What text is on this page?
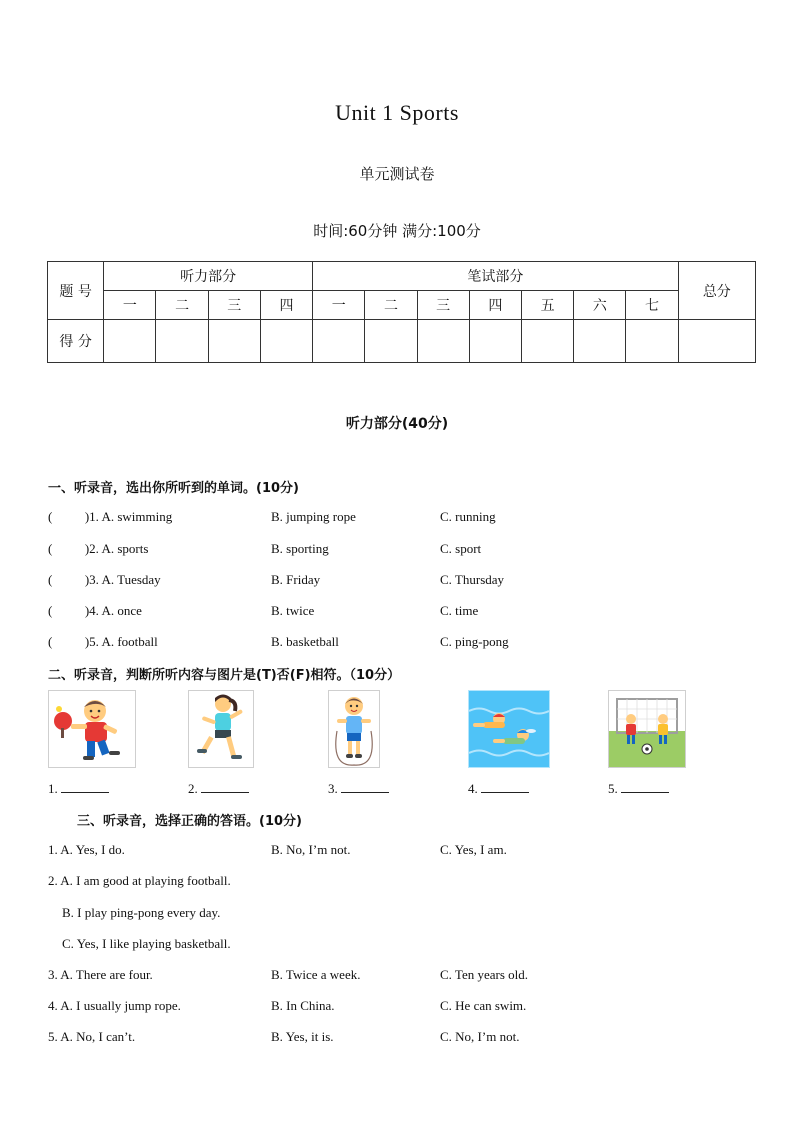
Unit 1 Sports
单元测试卷
时间:60分钟 满分:100分
题 号	听力部分				笔试部分							总分
	一	二	三	四	一	二	三	四	五	六	七	
得 分												
听力部分(40分)
一、听录音，选出你所听到的单词。(10分)
(          )1. A. swimming	B. jumping rope	C. running
(          )2. A. sports	B. sporting	C. sport
(          )3. A. Tuesday	B. Friday	C. Thursday
(          )4. A. once	B. twice	C. time
(          )5. A. football	B. basketball	C. ping-pong
二、听录音，判断所听内容与图片是(T)否(F)相符。（10分）
1.	2.	3.	4.	5.
三、听录音，选择正确的答语。(10分)
1. A. Yes, I do.	B. No, I’m not.	C. Yes, I am.
2. A. I am good at playing football.
B. I play ping-pong every day.
C. Yes, I like playing basketball.
3. A. There are four.	B. Twice a week.	C. Ten years old.
4. A. I usually jump rope.	B. In China.	C. He can swim.
5. A. No, I can’t.	B. Yes, it is.	C. No, I’m not.
